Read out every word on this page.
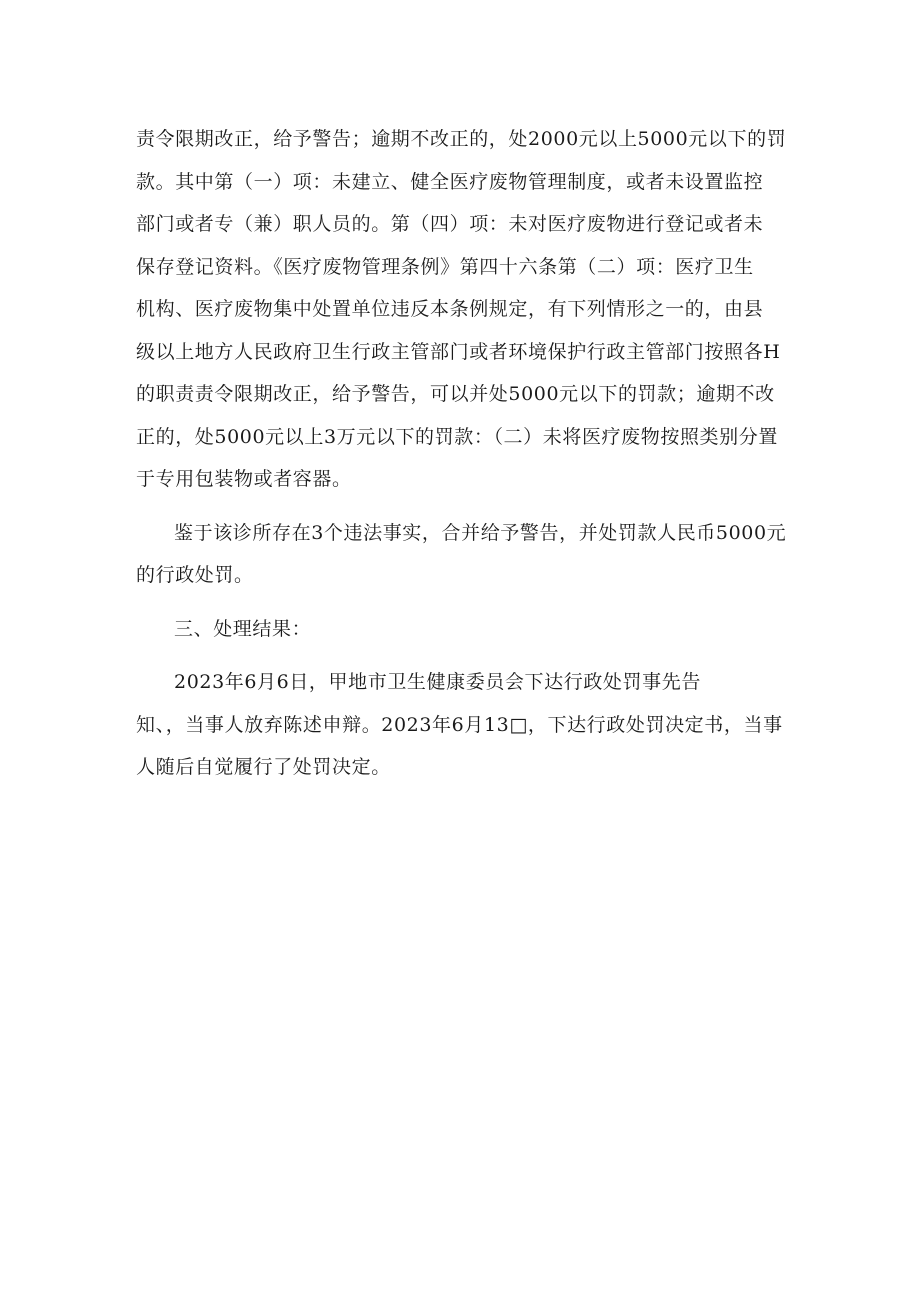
责令限期改正，给予警告；逾期不改正的，处2000元以上5000元以下的罚
款。其中第（一）项：未建立、健全医疗废物管理制度，或者未设置监控
部门或者专（兼）职人员的。第（四）项：未对医疗废物进行登记或者未
保存登记资料。《医疗废物管理条例》第四十六条第（二）项：医疗卫生
机构、医疗废物集中处置单位违反本条例规定，有下列情形之一的，由县
级以上地方人民政府卫生行政主管部门或者环境保护行政主管部门按照各H
的职责责令限期改正，给予警告，可以并处5000元以下的罚款；逾期不改
正的，处5000元以上3万元以下的罚款：（二）未将医疗废物按照类别分置
于专用包装物或者容器。
鉴于该诊所存在3个违法事实，合并给予警告，并处罚款人民币5000元
的行政处罚。
三、处理结果：
2023年6月6日，甲地市卫生健康委员会下达行政处罚事先告
知、，当事人放弃陈述申辩。2023年6月13□，下达行政处罚决定书，当事
人随后自觉履行了处罚决定。
